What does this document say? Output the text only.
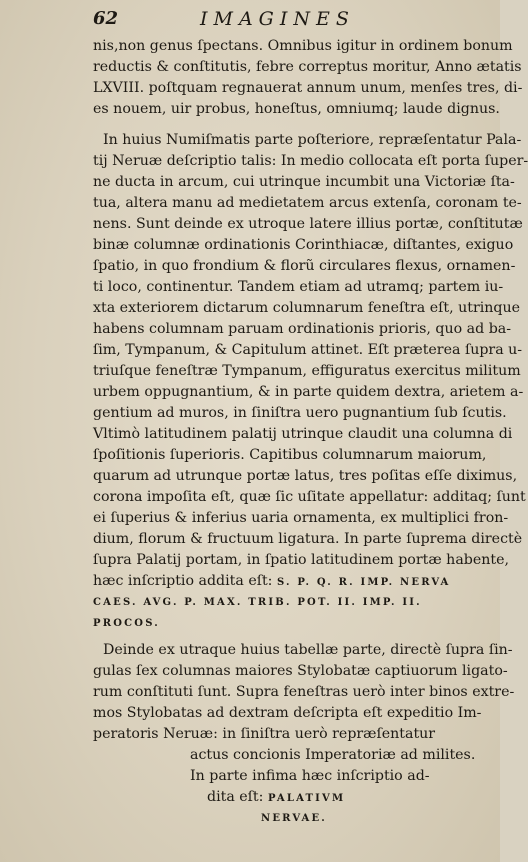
62	IMAGINES
nis,non genus ſpectans. Omnibus igitur in ordinem bonum
reductis & conſtitutis, febre correptus moritur, Anno ætatis
LXVIII. poſtquam regnauerat annum unum, menſes tres, di-
es nouem, uir probus, honeſtus, omniumq; laude dignus.
In huius Numiſmatis parte poſteriore, repræſentatur Pala-
tij Neruæ deſcriptio talis: In medio collocata eſt porta ſuper-
ne ducta in arcum, cui utrinque incumbit una Victoriæ ſta-
tua, altera manu ad medietatem arcus extenſa, coronam te-
nens. Sunt deinde ex utroque latere illius portæ, conſtitutæ
binæ columnæ ordinationis Corinthiacæ, diſtantes, exiguo
ſpatio, in quo frondium & florũ circulares flexus, ornamen-
ti loco, continentur. Tandem etiam ad utramq; partem iu-
xta exteriorem dictarum columnarum feneſtra eſt, utrinque
habens columnam paruam ordinationis prioris, quo ad ba-
ſim, Tympanum, & Capitulum attinet. Eſt præterea ſupra u-
triuſque feneſtræ Tympanum, effiguratus exercitus militum
urbem oppugnantium, & in parte quidem dextra, arietem a-
gentium ad muros, in ſiniſtra uero pugnantium ſub ſcutis.
Vltimò latitudinem palatij utrinque claudit una columna di
ſpoſitionis ſuperioris. Capitibus columnarum maiorum,
quarum ad utrunque portæ latus, tres poſitas eſſe diximus,
corona impoſita eſt, quæ ſic uſitate appellatur: additaq; ſunt
ei ſuperius & inferius uaria ornamenta, ex multiplici fron-
dium, florum & fructuum ligatura. In parte ſuprema directè
ſupra Palatij portam, in ſpatio latitudinem portæ habente,
hæc inſcriptio addita eſt: S. P. Q. R. IMP. NERVA
CAES. AVG. P. MAX. TRIB. POT. II. IMP. II.
PROCOS.
Deinde ex utraque huius tabellæ parte, directè ſupra ſin-
gulas ſex columnas maiores Stylobatæ captiuorum ligato-
rum conſtituti ſunt. Supra feneſtras uerò inter binos extre-
mos Stylobatas ad dextram deſcripta eſt expeditio Im-
peratoris Neruæ: in ſiniſtra uerò repræſentatur
actus concionis Imperatoriæ ad milites.
In parte infima hæc inſcriptio ad-
dita eſt: PALATIVM
NERVAE.
